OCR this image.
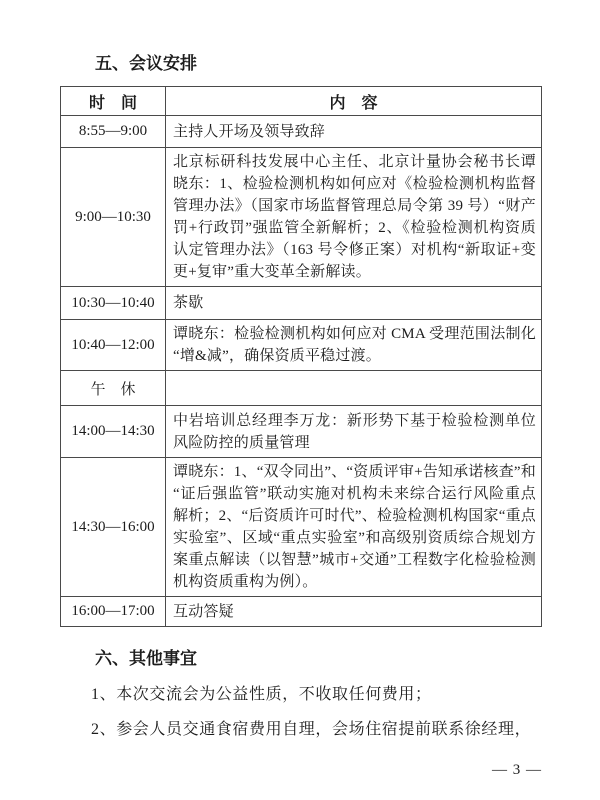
五、会议安排
时　间	内　容
8:55—9:00	主持人开场及领导致辞
9:00—10:30	北京标研科技发展中心主任、北京计量协会秘书长谭晓东：1、检验检测机构如何应对《检验检测机构监督管理办法》（国家市场监督管理总局令第 39 号）“财产罚+行政罚”强监管全新解析；2、《检验检测机构资质认定管理办法》（163 号令修正案）对机构“新取证+变更+复审”重大变革全新解读。
10:30—10:40	茶歇
10:40—12:00	谭晓东：检验检测机构如何应对 CMA 受理范围法制化“增&减”，确保资质平稳过渡。
午　休	
14:00—14:30	中岩培训总经理李万龙：新形势下基于检验检测单位风险防控的质量管理
14:30—16:00	谭晓东：1、“双令同出”、“资质评审+告知承诺核查”和“证后强监管”联动实施对机构未来综合运行风险重点解析；2、“后资质许可时代”、检验检测机构国家“重点实验室”、区域“重点实验室”和高级别资质综合规划方案重点解读（以智慧”城市+交通”工程数字化检验检测机构资质重构为例）。
16:00—17:00	互动答疑
六、其他事宜

1、本次交流会为公益性质，不收取任何费用；

2、参会人员交通食宿费用自理，会场住宿提前联系徐经理，

— 3 —
